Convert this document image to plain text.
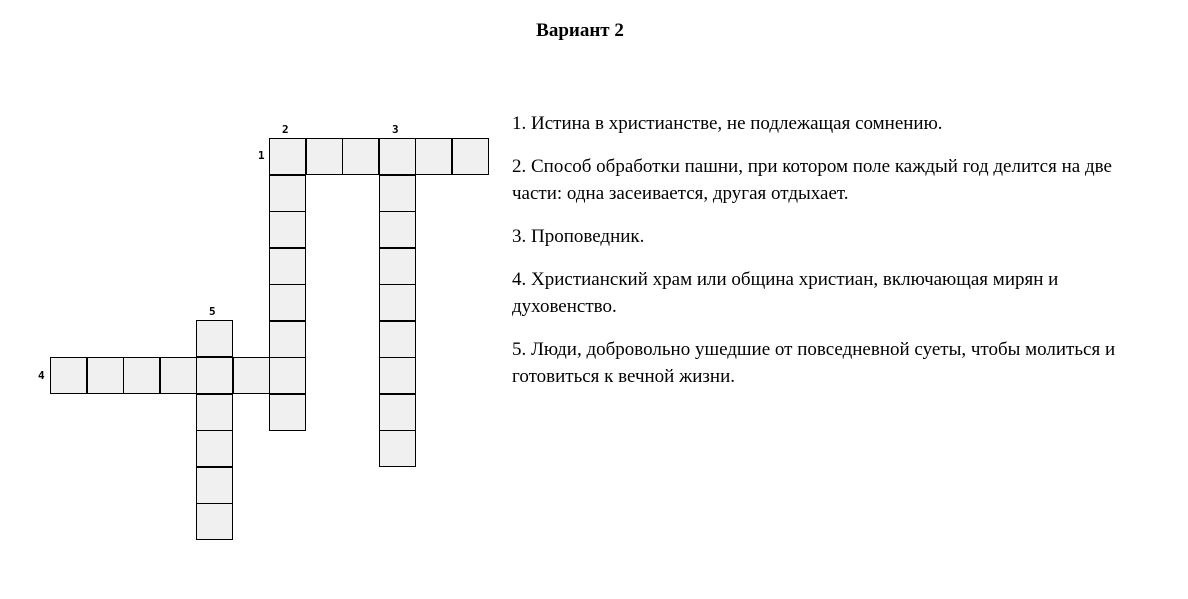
Вариант 2
2	3
1
5
4

1. Истина в христианстве, не подлежащая сомнению.

2. Способ обработки пашни, при котором поле каждый год делится на две части: одна засеивается, другая отдыхает.

3. Проповедник.

4. Христианский храм или община христиан, включающая мирян и духовенство.

5. Люди, добровольно ушедшие от повседневной суеты, чтобы молиться и готовиться к вечной жизни.
